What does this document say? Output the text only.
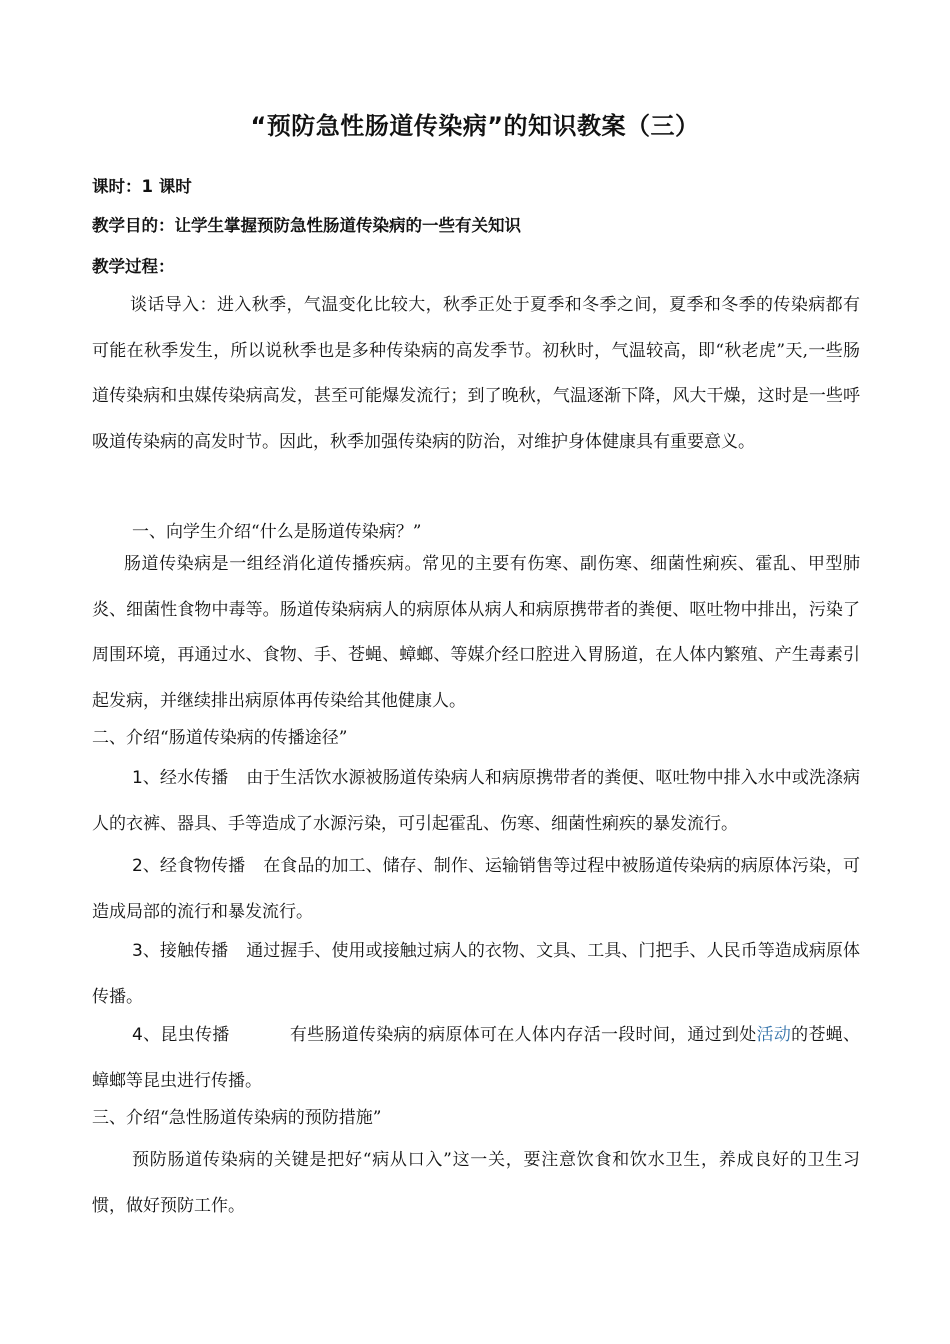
“预防急性肠道传染病”的知识教案（三）
课时：1 课时
教学目的：让学生掌握预防急性肠道传染病的一些有关知识
教学过程：

谈话导入：进入秋季，气温变化比较大，秋季正处于夏季和冬季之间，夏季和冬季的传染病都有可能在秋季发生，所以说秋季也是多种传染病的高发季节。初秋时，气温较高，即“秋老虎”天,一些肠道传染病和虫媒传染病高发，甚至可能爆发流行；到了晚秋，气温逐渐下降，风大干燥，这时是一些呼吸道传染病的高发时节。因此，秋季加强传染病的防治，对维护身体健康具有重要意义。

一、向学生介绍“什么是肠道传染病？”

肠道传染病是一组经消化道传播疾病。常见的主要有伤寒、副伤寒、细菌性痢疾、霍乱、甲型肺炎、细菌性食物中毒等。肠道传染病病人的病原体从病人和病原携带者的粪便、呕吐物中排出，污染了周围环境，再通过水、食物、手、苍蝇、蟑螂、等媒介经口腔进入胃肠道，在人体内繁殖、产生毒素引起发病，并继续排出病原体再传染给其他健康人。

二、介绍“肠道传染病的传播途径”

1、经水传播 由于生活饮水源被肠道传染病人和病原携带者的粪便、呕吐物中排入水中或洗涤病人的衣裤、器具、手等造成了水源污染，可引起霍乱、伤寒、细菌性痢疾的暴发流行。

2、经食物传播 在食品的加工、储存、制作、运输销售等过程中被肠道传染病的病原体污染，可造成局部的流行和暴发流行。

3、接触传播 通过握手、使用或接触过病人的衣物、文具、工具、门把手、人民币等造成病原体传播。

4、昆虫传播	有些肠道传染病的病原体可在人体内存活一段时间，通过到处活动的苍蝇、蟑螂等昆虫进行传播。

三、介绍“急性肠道传染病的预防措施”

预防肠道传染病的关键是把好“病从口入”这一关，要注意饮食和饮水卫生，养成良好的卫生习惯，做好预防工作。
